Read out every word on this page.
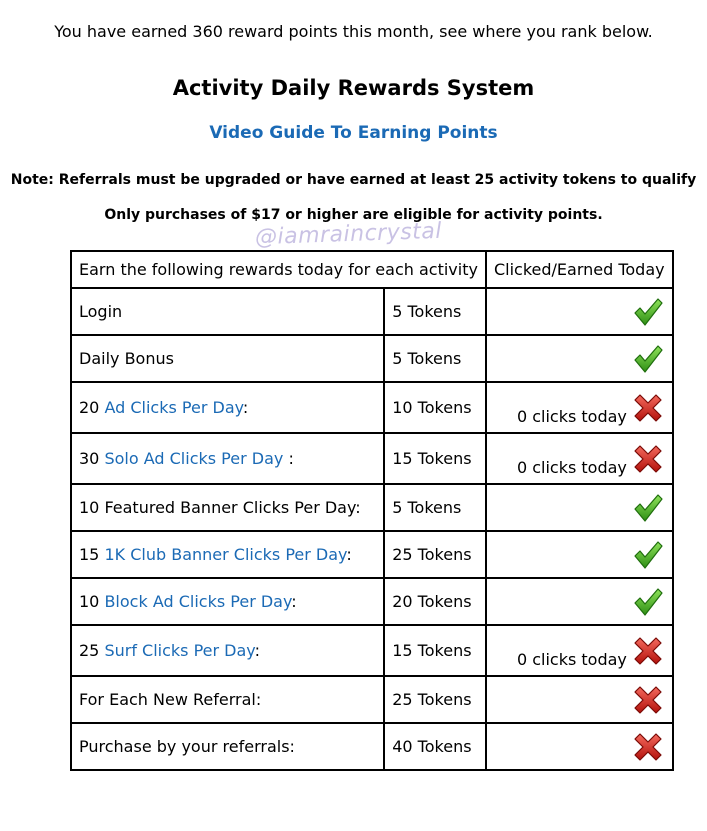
You have earned 360 reward points this month, see where you rank below.
Activity Daily Rewards System
Video Guide To Earning Points
Note: Referrals must be upgraded or have earned at least 25 activity tokens to qualify
Only purchases of $17 or higher are eligible for activity points.
@iamraincrystal
Earn the following rewards today for each activity		Clicked/Earned Today
Login	5 Tokens	

Daily Bonus	5 Tokens	

20 Ad Clicks Per Day:	10 Tokens	0 clicks today

30 Solo Ad Clicks Per Day :	15 Tokens	0 clicks today

10 Featured Banner Clicks Per Day:	5 Tokens	

15 1K Club Banner Clicks Per Day:	25 Tokens	

10 Block Ad Clicks Per Day:	20 Tokens	

25 Surf Clicks Per Day:	15 Tokens	0 clicks today

For Each New Referral:	25 Tokens	

Purchase by your referrals:	40 Tokens	
